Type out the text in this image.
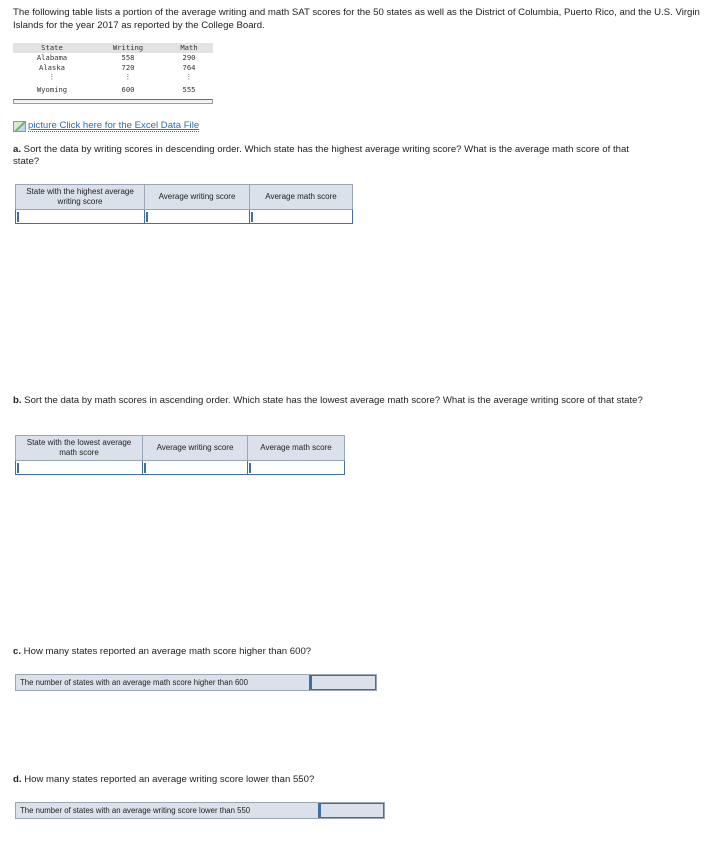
The following table lists a portion of the average writing and math SAT scores for the 50 states as well as the District of Columbia, Puerto Rico, and the U.S. Virgin Islands for the year 2017 as reported by the College Board.
State	Writing	Math
Alabama	558	290
Alaska	720	764
⋮	⋮	⋮
Wyoming	600	555
picture Click here for the Excel Data File
a. Sort the data by writing scores in descending order. Which state has the highest average writing score? What is the average math score of that state?
State with the highest average writing score	Average writing score	Average math score

b. Sort the data by math scores in ascending order. Which state has the lowest average math score? What is the average writing score of that state?
State with the lowest average math score	Average writing score	Average math score

c. How many states reported an average math score higher than 600?
The number of states with an average math score higher than 600
d. How many states reported an average writing score lower than 550?
The number of states with an average writing score lower than 550
